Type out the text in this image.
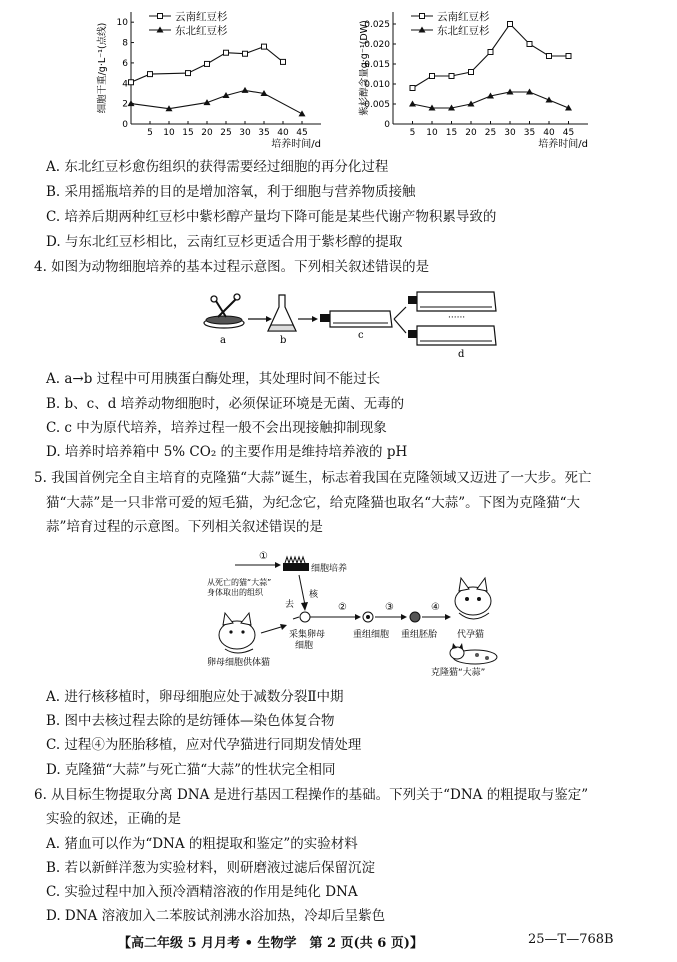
0
2
4
6
8
10
5 10 15 20 25 30 35 40 45
培养时间/d
细胞干重/g·L⁻¹(点线)
云南红豆杉
东北红豆杉
0
0.005
0.010
0.015
0.020
0.025
5 10 15 20 25 30 35 40 45
培养时间/d
紫杉醇含量g·g⁻¹(DW)
云南红豆杉
东北红豆杉
A. 东北红豆杉愈伤组织的获得需要经过细胞的再分化过程
B. 采用摇瓶培养的目的是增加溶氧，利于细胞与营养物质接触
C. 培养后期两种红豆杉中紫杉醇产量均下降可能是某些代谢产物积累导致的
D. 与东北红豆杉相比，云南红豆杉更适合用于紫杉醇的提取
4. 如图为动物细胞培养的基本过程示意图。下列相关叙述错误的是
a	b	c
······
d
A. a→b 过程中可用胰蛋白酶处理，其处理时间不能过长
B. b、c、d 培养动物细胞时，必须保证环境是无菌、无毒的
C. c 中为原代培养，培养过程一般不会出现接触抑制现象
D. 培养时培养箱中 5% CO₂ 的主要作用是维持培养液的 pH
5. 我国首例完全自主培育的克隆猫“大蒜”诞生，标志着我国在克隆领域又迈进了一大步。死亡
猫“大蒜”是一只非常可爱的短毛猫，为纪念它，给克隆猫也取名“大蒜”。下图为克隆猫“大
蒜”培育过程的示意图。下列相关叙述错误的是
①
从死亡的猫“大蒜”
身体取出的组织
细胞培养
卵母细胞供体猫
采集卵母
细胞
去
核
②
重组细胞
③
重组胚胎
④
代孕猫
克隆猫“大蒜”
A. 进行核移植时，卵母细胞应处于减数分裂Ⅱ中期
B. 图中去核过程去除的是纺锤体—染色体复合物
C. 过程④为胚胎移植，应对代孕猫进行同期发情处理
D. 克隆猫“大蒜”与死亡猫“大蒜”的性状完全相同
6. 从目标生物提取分离 DNA 是进行基因工程操作的基础。下列关于“DNA 的粗提取与鉴定”
实验的叙述，正确的是
A. 猪血可以作为“DNA 的粗提取和鉴定”的实验材料
B. 若以新鲜洋葱为实验材料，则研磨液过滤后保留沉淀
C. 实验过程中加入预冷酒精溶液的作用是纯化 DNA
D. DNA 溶液加入二苯胺试剂沸水浴加热，冷却后呈紫色
【高二年级 5 月月考 • 生物学　第 2 页(共 6 页)】	25—T—768B
